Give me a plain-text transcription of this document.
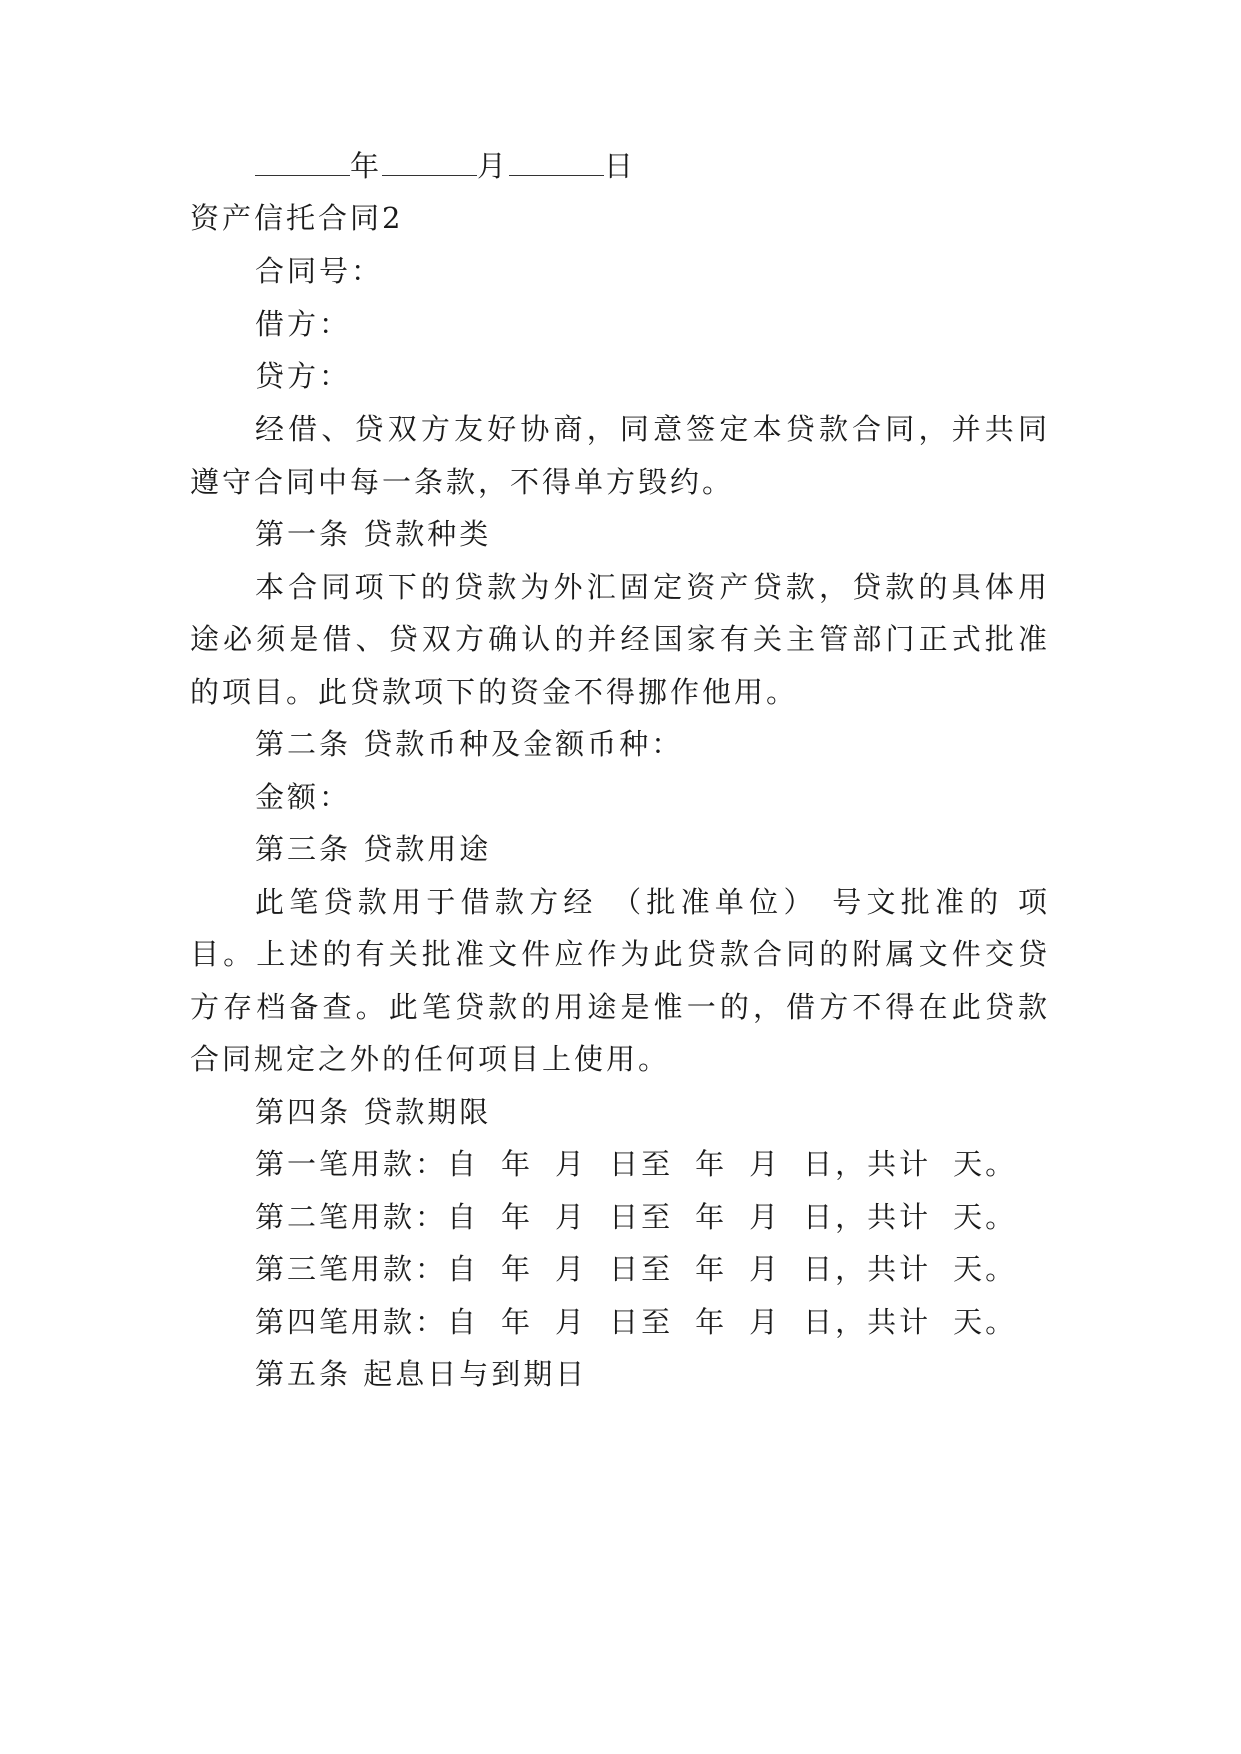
年	月	日
资产信托合同2
合同号：
借方：
贷方：
经借、贷双方友好协商，同意签定本贷款合同，并共同
遵守合同中每一条款，不得单方毁约。
第一条 贷款种类
本合同项下的贷款为外汇固定资产贷款，贷款的具体用
途必须是借、贷双方确认的并经国家有关主管部门正式批准
的项目。此贷款项下的资金不得挪作他用。
第二条 贷款币种及金额币种：
金额：
第三条 贷款用途
此笔贷款用于借款方经 （批准单位） 号文批准的 项
目。上述的有关批准文件应作为此贷款合同的附属文件交贷
方存档备查。此笔贷款的用途是惟一的，借方不得在此贷款
合同规定之外的任何项目上使用。
第四条 贷款期限
第一笔用款：自 年 月 日至 年 月 日，共计 天。
第二笔用款：自 年 月 日至 年 月 日，共计 天。
第三笔用款：自 年 月 日至 年 月 日，共计 天。
第四笔用款：自 年 月 日至 年 月 日，共计 天。
第五条 起息日与到期日
